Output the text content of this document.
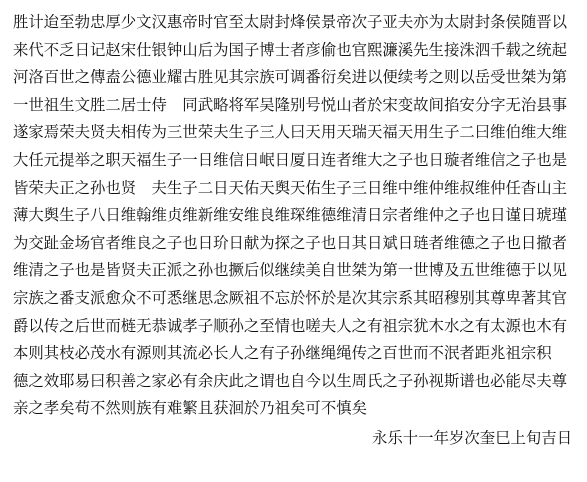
胜计迨至勃忠厚少文汉惠帝时官至太尉封烽侯景帝次子亚夫亦为太尉封条侯随晋以
来代不乏日记赵宋仕银钟山后为国子博士者彦偷也官熙濂溪先生接洙泗千载之统起
河洛百世之傳盍公德业耀古胜见其宗族可调番衍矣进以便续考之则以岳受世桀为第
一世祖生文胜二居士侍　同武略将军吴隆别号悦山者於宋变故间掐安分字无治县事
遂家焉荣夫贤夫相传为三世荣夫生子三人曰天用天瑞天福天用生子二曰维伯维大维
大任元提举之职天福生子一日维信日岷日厦日连者维大之子也日璇者维信之子也是
皆荣夫正之孙也贤　夫生子二日天佑天舆天佑生子三日维中维仲维叔维仲任杳山主
薄大舆生子八日维翰维贞维新维安维良维琛维德维清日宗者维仲之子也日谨日琥瑾
为交趾金场官者维良之子也日玠日献为探之子也日其日斌日琏者维德之子也日撤者
维清之子也是皆贤夫正派之孙也撅后似继续美自世桀为第一世博及五世维德于以见
宗族之番支派愈众不可悉继思念厥祖不忘於怀於是次其宗系其昭穆别其尊卑著其官
爵以传之后世而梿无恭诚孝子顺孙之至情也嗟夫人之有祖宗犹木水之有太源也木有
本则其枝必茂水有源则其流必长人之有子孙继绳绳传之百世而不泯者距兆祖宗积
德之效耶易曰积善之家必有余庆此之谓也自今以生周氏之子孙视斯谱也必能尽夫尊
亲之孝矣苟不然则族有难繁且获洄於乃祖矣可不慎矣
永乐十一年岁次奎巳上旬吉日
